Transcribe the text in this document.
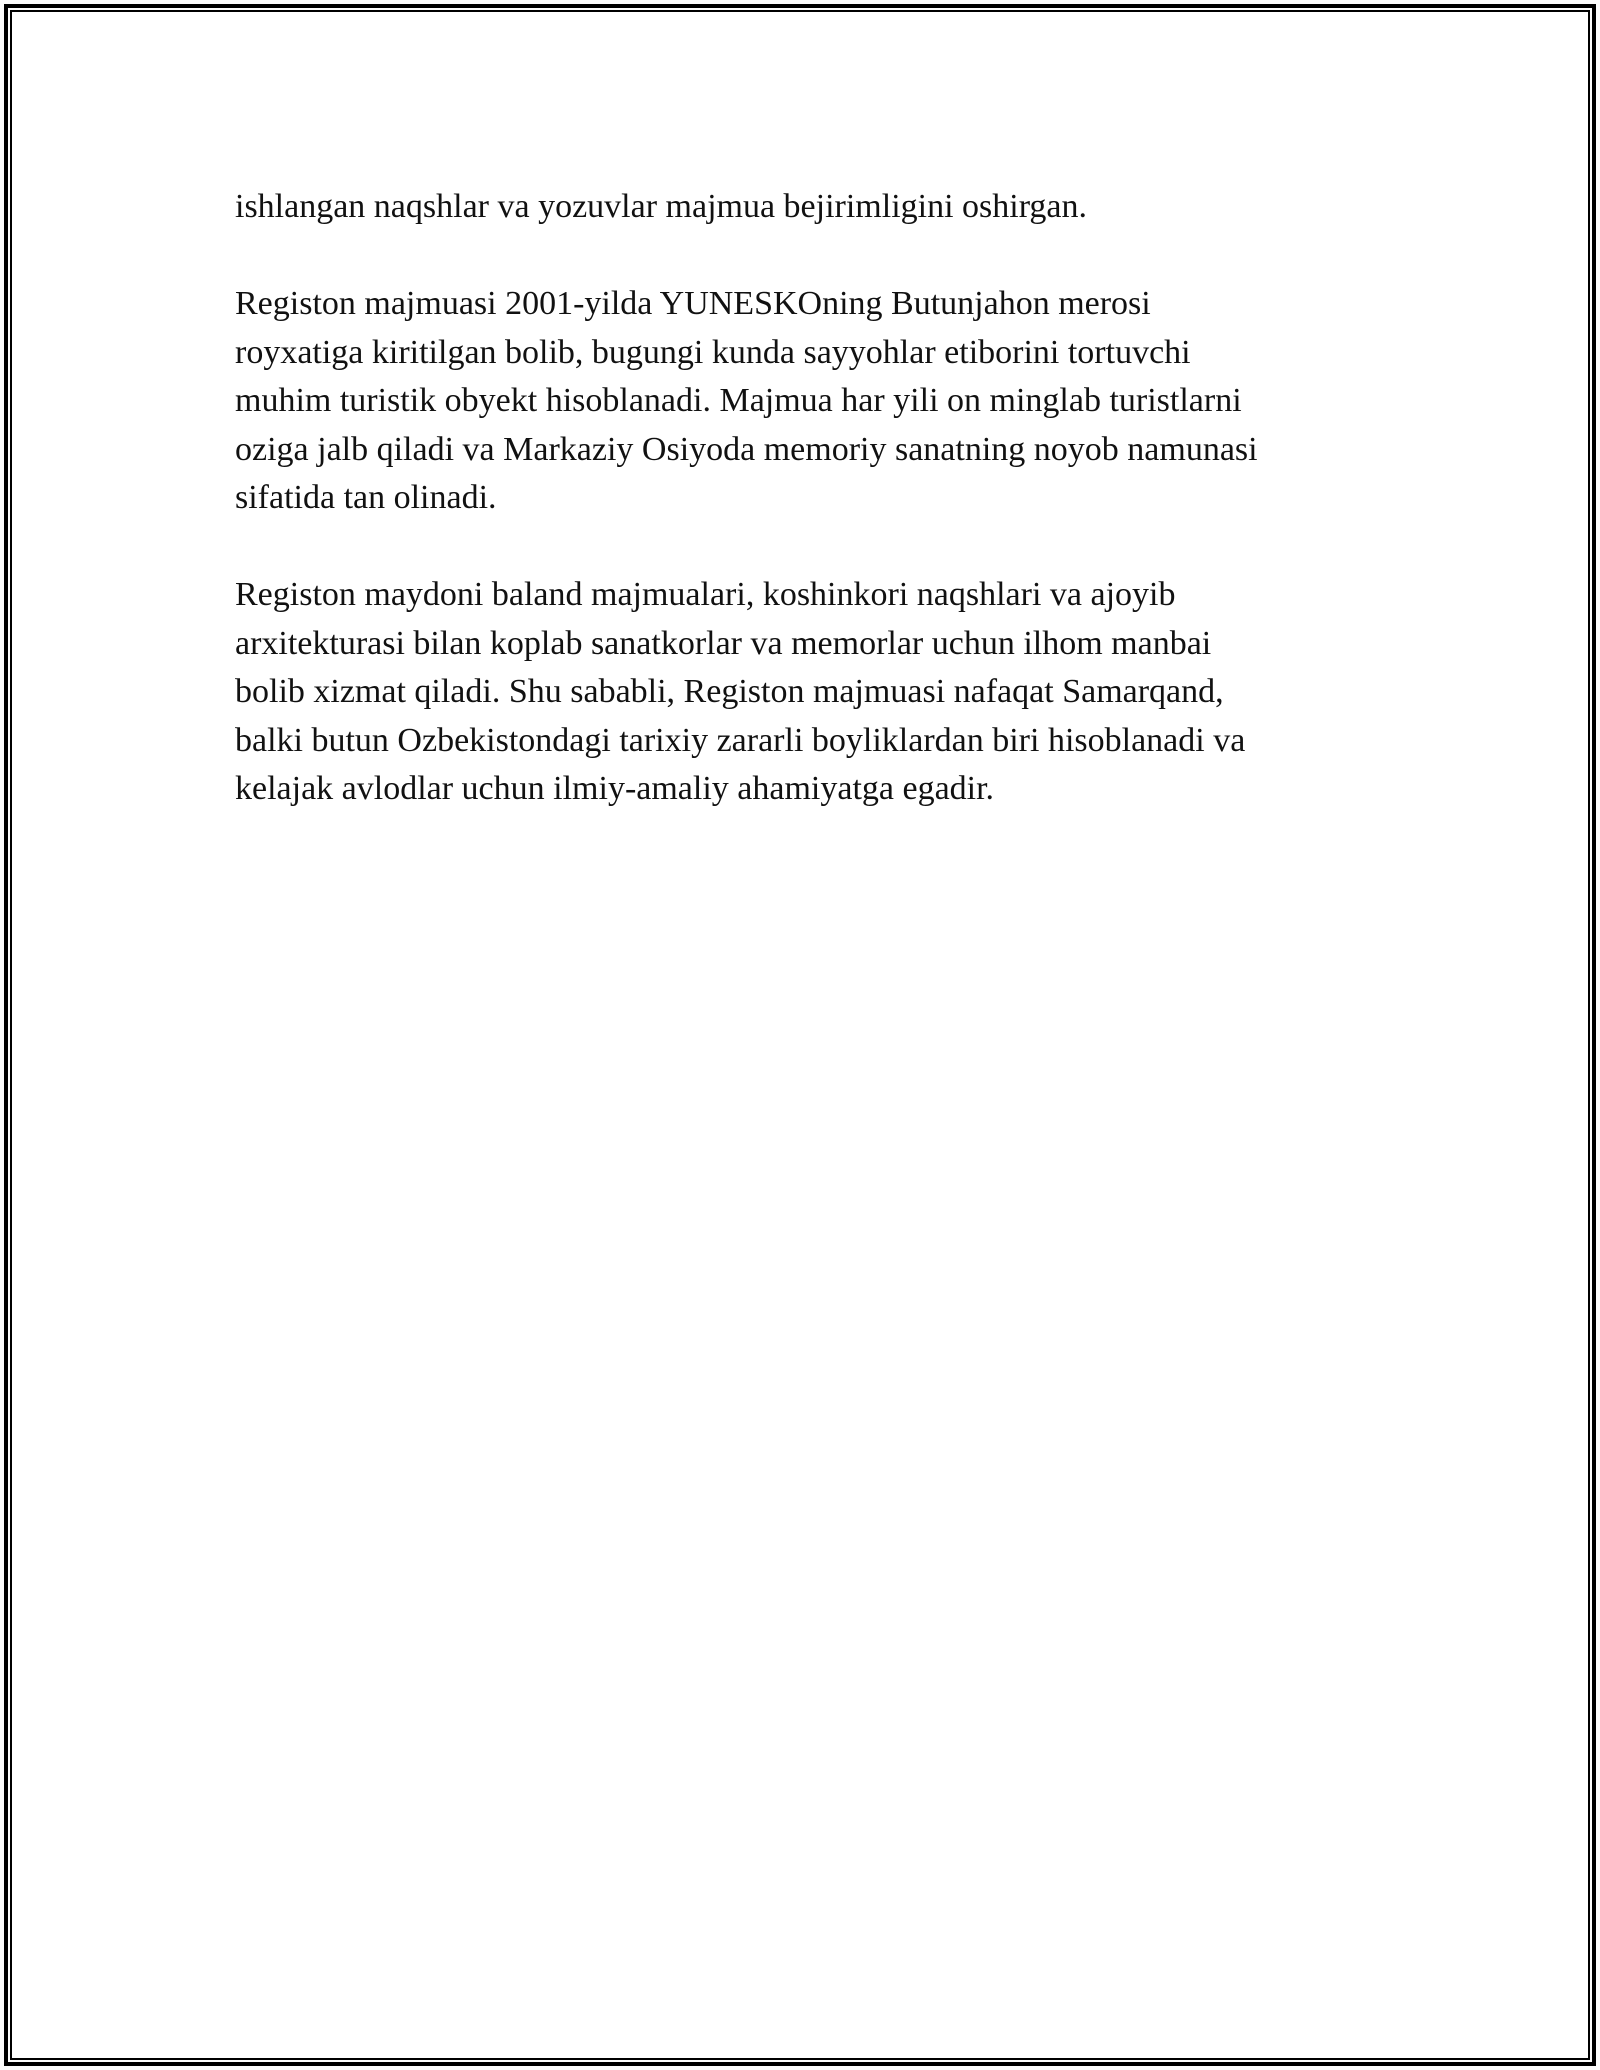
ishlangan naqshlar va yozuvlar majmua bejirimligini oshirgan.

Registon majmuasi 2001-yilda YUNESKOning Butunjahon merosi
royxatiga kiritilgan bolib, bugungi kunda sayyohlar etiborini tortuvchi
muhim turistik obyekt hisoblanadi. Majmua har yili on minglab turistlarni
oziga jalb qiladi va Markaziy Osiyoda memoriy sanatning noyob namunasi
sifatida tan olinadi.

Registon maydoni baland majmualari, koshinkori naqshlari va ajoyib
arxitekturasi bilan koplab sanatkorlar va memorlar uchun ilhom manbai
bolib xizmat qiladi. Shu sababli, Registon majmuasi nafaqat Samarqand,
balki butun Ozbekistondagi tarixiy zararli boyliklardan biri hisoblanadi va
kelajak avlodlar uchun ilmiy-amaliy ahamiyatga egadir.
